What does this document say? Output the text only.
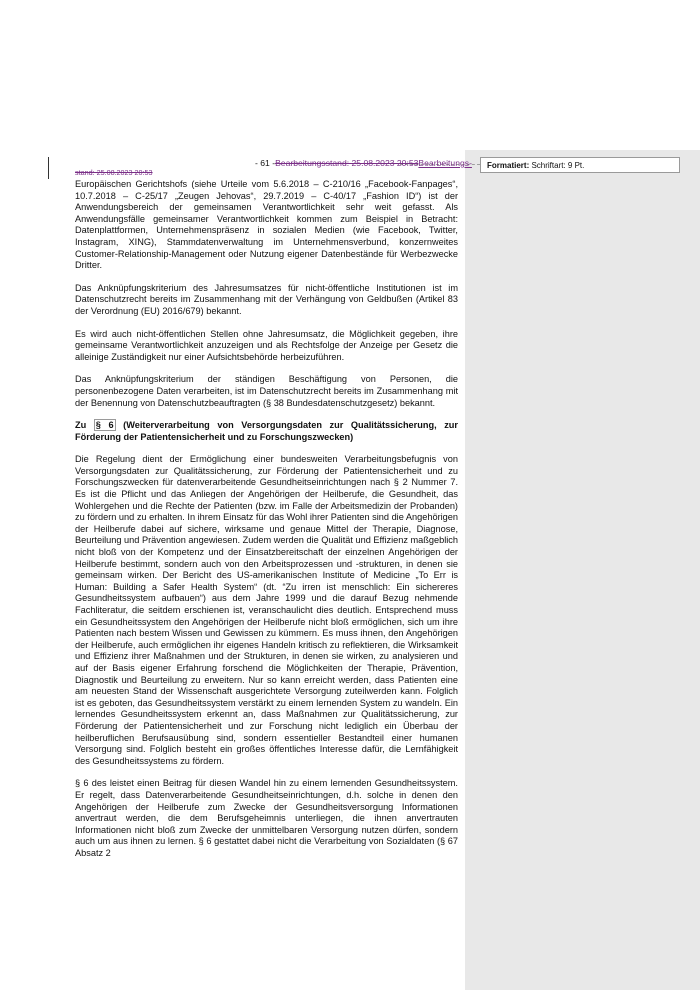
Formatiert: Schriftart: 9 Pt.
- 61 -Bearbeitungsstand: 25.08.2023 20:53Bearbeitungs-
stand: 25.08.2023 20:53

Europäischen Gerichtshofs (siehe Urteile vom 5.6.2018 – C-210/16 „Facebook-Fanpages“, 10.7.2018 – C-25/17 „Zeugen Jehovas“, 29.7.2019 – C-40/17 „Fashion ID“) ist der Anwendungsbereich der gemeinsamen Verantwortlichkeit sehr weit gefasst. Als Anwendungsfälle gemeinsamer Verantwortlichkeit kommen zum Beispiel in Betracht: Datenplattformen, Unternehmenspräsenz in sozialen Medien (wie Facebook, Twitter, Instagram, XING), Stammdatenverwaltung im Unternehmensverbund, konzernweites Customer-Relationship-Management oder Nutzung eigener Datenbestände für Werbezwecke Dritter.

Das Anknüpfungskriterium des Jahresumsatzes für nicht-öffentliche Institutionen ist im Datenschutzrecht bereits im Zusammenhang mit der Verhängung von Geldbußen (Artikel 83 der Verordnung (EU) 2016/679) bekannt.

Es wird auch nicht-öffentlichen Stellen ohne Jahresumsatz, die Möglichkeit gegeben, ihre gemeinsame Verantwortlichkeit anzuzeigen und als Rechtsfolge der Anzeige per Gesetz die alleinige Zuständigkeit nur einer Aufsichtsbehörde herbeizuführen.

Das Anknüpfungskriterium der ständigen Beschäftigung von Personen, die personenbezogene Daten verarbeiten, ist im Datenschutzrecht bereits im Zusammenhang mit der Benennung von Datenschutzbeauftragten (§ 38 Bundesdatenschutzgesetz) bekannt.

Zu § 6 (Weiterverarbeitung von Versorgungsdaten zur Qualitätssicherung, zur Förderung der Patientensicherheit und zu Forschungszwecken)

Die Regelung dient der Ermöglichung einer bundesweiten Verarbeitungsbefugnis von Versorgungsdaten zur Qualitätssicherung, zur Förderung der Patientensicherheit und zu Forschungszwecken für datenverarbeitende Gesundheitseinrichtungen nach § 2 Nummer 7. Es ist die Pflicht und das Anliegen der Angehörigen der Heilberufe, die Gesundheit, das Wohlergehen und die Rechte der Patienten (bzw. im Falle der Arbeitsmedizin der Probanden) zu fördern und zu erhalten. In ihrem Einsatz für das Wohl ihrer Patienten sind die Angehörigen der Heilberufe dabei auf sichere, wirksame und genaue Mittel der Therapie, Diagnose, Beurteilung und Prävention angewiesen. Zudem werden die Qualität und Effizienz maßgeblich nicht bloß von der Kompetenz und der Einsatzbereitschaft der einzelnen Angehörigen der Heilberufe bestimmt, sondern auch von den Arbeitsprozessen und -strukturen, in denen sie gemeinsam wirken. Der Bericht des US-amerikanischen Institute of Medicine „To Err is Human: Building a Safer Health System“ (dt. “Zu irren ist menschlich: Ein sichereres Gesundheitssystem aufbauen“) aus dem Jahre 1999 und die darauf Bezug nehmende Fachliteratur, die seitdem erschienen ist, veranschaulicht dies deutlich. Entsprechend muss ein Gesundheitssystem den Angehörigen der Heilberufe nicht bloß ermöglichen, sich um ihre Patienten nach bestem Wissen und Gewissen zu kümmern. Es muss ihnen, den Angehörigen der Heilberufe, auch ermöglichen ihr eigenes Handeln kritisch zu reflektieren, die Wirksamkeit und Effizienz ihrer Maßnahmen und der Strukturen, in denen sie wirken, zu analysieren und auf der Basis eigener Erfahrung forschend die Möglichkeiten der Therapie, Prävention, Diagnostik und Beurteilung zu erweitern. Nur so kann erreicht werden, dass Patienten eine am neuesten Stand der Wissenschaft ausgerichtete Versorgung zuteilwerden kann. Folglich ist es geboten, das Gesundheitssystem verstärkt zu einem lernenden System zu wandeln. Ein lernendes Gesundheitssystem erkennt an, dass Maßnahmen zur Qualitätssicherung, zur Förderung der Patientensicherheit und zur Forschung nicht lediglich ein Überbau der heilberuflichen Berufsausübung sind, sondern essentieller Bestandteil einer humanen Versorgung sind. Folglich besteht ein großes öffentliches Interesse dafür, die Lernfähigkeit des Gesundheitssystems zu fördern.

§ 6 des leistet einen Beitrag für diesen Wandel hin zu einem lernenden Gesundheitssystem. Er regelt, dass Datenverarbeitende Gesundheitseinrichtungen, d.h. solche in denen den Angehörigen der Heilberufe zum Zwecke der Gesundheitsversorgung Informationen anvertraut werden, die dem Berufsgeheimnis unterliegen, die ihnen anvertrauten Informationen nicht bloß zum Zwecke der unmittelbaren Versorgung nutzen dürfen, sondern auch um aus ihnen zu lernen. § 6 gestattet dabei nicht die Verarbeitung von Sozialdaten (§ 67 Absatz 2
